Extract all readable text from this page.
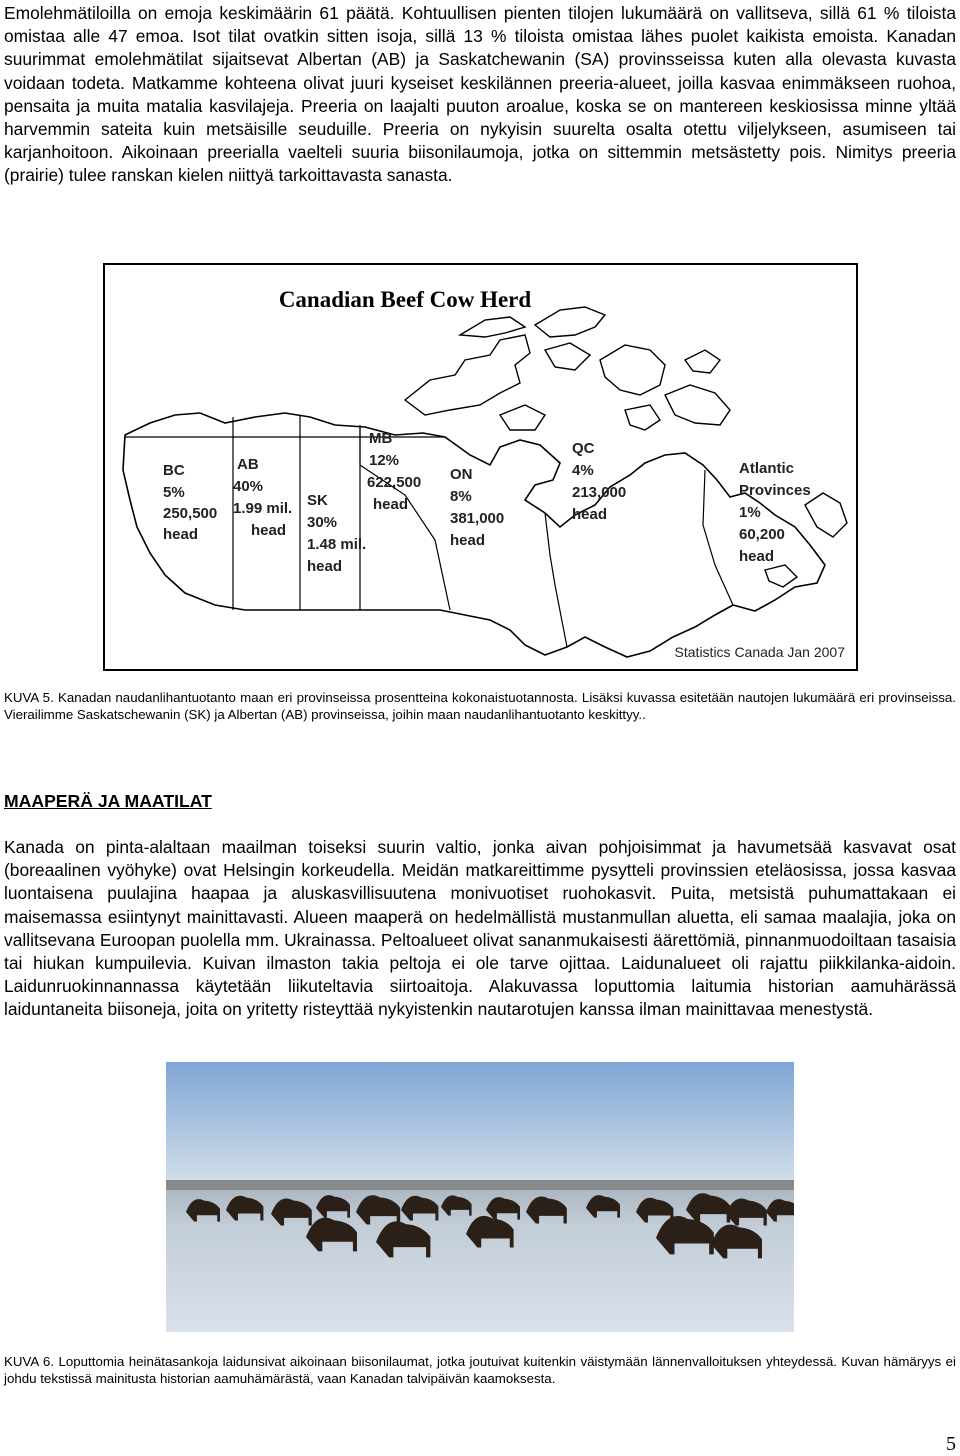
Emolehmätiloilla on emoja keskimäärin 61 päätä. Kohtuullisen pienten tilojen lukumäärä on vallitseva, sillä 61 % tiloista omistaa alle 47 emoa. Isot tilat ovatkin sitten isoja, sillä 13 % tiloista omistaa lähes puolet kaikista emoista. Kanadan suurimmat emolehmätilat sijaitsevat Albertan (AB) ja Saskatchewanin (SA) provinsseissa kuten alla olevasta kuvasta voidaan todeta. Matkamme kohteena olivat juuri kyseiset keskilännen preeria-alueet, joilla kasvaa enimmäkseen ruohoa, pensaita ja muita matalia kasvilajeja. Preeria on laajalti puuton aroalue, koska se on mantereen keskiosissa minne yltää harvemmin sateita kuin metsäisille seuduille. Preeria on nykyisin suurelta osalta otettu viljelykseen, asumiseen tai karjanhoitoon. Aikoinaan preerialla vaelteli suuria biisonilaumoja, jotka on sittemmin metsästetty pois. Nimitys preeria (prairie) tulee ranskan kielen niittyä tarkoittavasta sanasta.

Canadian Beef Cow Herd
BC
5%
250,500
head
AB
40%
1.99 mil.
head
SK
30%
1.48 mil.
head
MB
12%
622,500
head
ON
8%
381,000
head
QC
4%
213,000
head
Atlantic
Provinces
1%
60,200
head
Statistics Canada Jan 2007

KUVA 5. Kanadan naudanlihantuotanto maan eri provinseissa prosentteina kokonaistuotannosta. Lisäksi kuvassa esitetään nautojen lukumäärä eri provinseissa. Vierailimme Saskatschewanin (SK) ja Albertan (AB) provinseissa, joihin maan naudanlihantuotanto keskittyy..

MAAPERÄ JA MAATILAT

Kanada on pinta-alaltaan maailman toiseksi suurin valtio, jonka aivan pohjoisimmat ja havumetsää kasvavat osat (boreaalinen vyöhyke) ovat Helsingin korkeudella. Meidän matkareittimme pysytteli provinssien eteläosissa, jossa kasvaa luontaisena puulajina haapaa ja aluskasvillisuutena monivuotiset ruohokasvit. Puita, metsistä puhumattakaan ei maisemassa esiintynyt mainittavasti. Alueen maaperä on hedelmällistä mustanmullan aluetta, eli samaa maalajia, joka on vallitsevana Euroopan puolella mm. Ukrainassa. Peltoalueet olivat sananmukaisesti äärettömiä, pinnanmuodoiltaan tasaisia tai hiukan kumpuilevia. Kuivan ilmaston takia peltoja ei ole tarve ojittaa. Laidunalueet oli rajattu piikkilanka-aidoin. Laidunruokinnannassa käytetään liikuteltavia siirtoaitoja. Alakuvassa loputtomia laitumia historian aamuhärässä laiduntaneita biisoneja, joita on yritetty risteyttää nykyistenkin nautarotujen kanssa ilman mainittavaa menestystä.

KUVA 6. Loputtomia heinätasankoja laidunsivat aikoinaan biisonilaumat, jotka joutuivat kuitenkin väistymään lännenvalloituksen yhteydessä. Kuvan hämäryys ei johdu tekstissä mainitusta historian aamuhämärästä, vaan Kanadan talvipäivän kaamoksesta.

5
